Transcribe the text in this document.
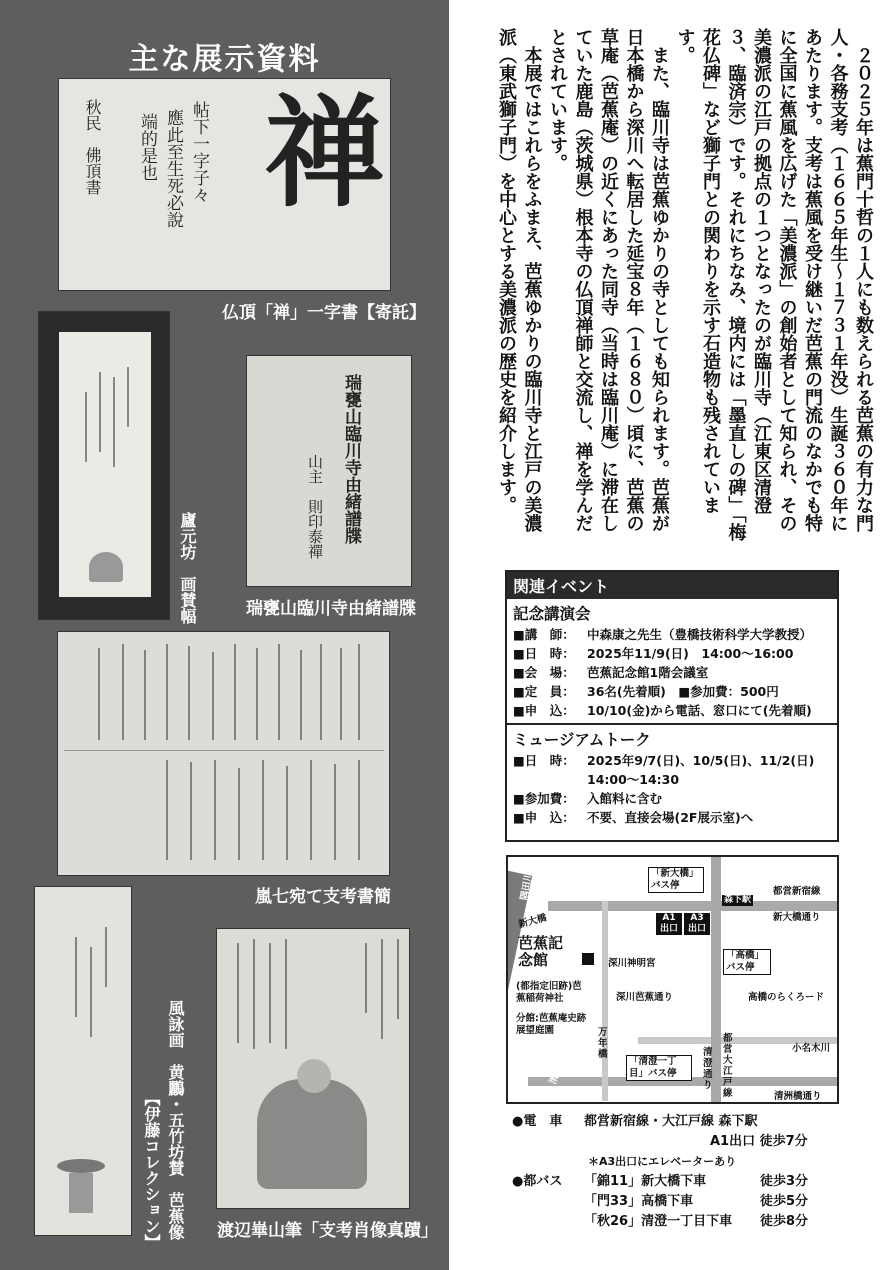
主な展示資料
禅
帖下一字子々
應此至生死必說
端的是也
秋民　佛頂書
仏頂「禅」一字書【寄託】
廬元坊　画賛幅
瑞甕山臨川寺由緒譜牒
山主　則印泰禪
瑞甕山臨川寺由緒譜牒
嵐七宛て支考書簡
風詠画　黄鸝・五竹坊賛　芭蕉像
【伊藤コレクション】	渡辺崋山筆「支考肖像真蹟」

２０２５年は蕉門十哲の１人にも数えられる芭蕉の有力な門人・各務支考（１６６５年生〜１７３１年没）生誕３６０年にあたります。支考は蕉風を受け継いだ芭蕉の門流のなかでも特に全国に蕉風を広げた「美濃派」の創始者として知られ、その美濃派の江戸の拠点の１つとなったのが臨川寺（江東区清澄３、臨済宗）です。それにちなみ、境内には「墨直しの碑」「梅花仏碑」など獅子門との関わりを示す石造物も残されています。

また、臨川寺は芭蕉ゆかりの寺としても知られます。芭蕉が日本橋から深川へ転居した延宝８年（１６８０）頃に、芭蕉の草庵（芭蕉庵）の近くにあった同寺（当時は臨川庵）に滞在していた鹿島（茨城県）根本寺の仏頂禅師と交流し、禅を学んだとされています。

本展ではこれらをふまえ、芭蕉ゆかりの臨川寺と江戸の美濃派（東武獅子門）を中心とする美濃派の歴史を紹介します。

関連イベント
記念講演会
■講　師： 中森康之先生（豊橋技術科学大学教授）
■日　時： 2025年11/9(日)　14:00〜16:00
■会　場： 芭蕉記念館1階会議室
■定　員： 36名(先着順)　■参加費：500円
■申　込： 10/10(金)から電話、窓口にて(先着順)
ミュージアムトーク
■日　時： 2025年9/7(日)、10/5(日)、11/2(日)
14:00〜14:30
■参加費： 入館料に含む
■申　込： 不要、直接会場(2F展示室)へ
隅田川
新大橋
「新大橋」バス停
森下駅
都営新宿線
新大橋通り
A1出口
A3出口
芭蕉記念館	深川神明宮
「高橋」バス停
深川芭蕉通り	高橋のらくろード
(都指定旧跡)芭蕉稲荷神社
分館:芭蕉庵史跡展望庭園	万年橋	清澄通り
都営大江戸線
小名木川
「清澄一丁目」バス停
清洲橋
清洲橋通り
●電　車 都営新宿線・大江戸線 森下駅
A1出口 徒歩7分
＊A3出口にエレベーターあり
●都バス 「錦11」新大橋下車	徒歩3分
「門33」高橋下車	徒歩5分
「秋26」清澄一丁目下車 徒歩8分
